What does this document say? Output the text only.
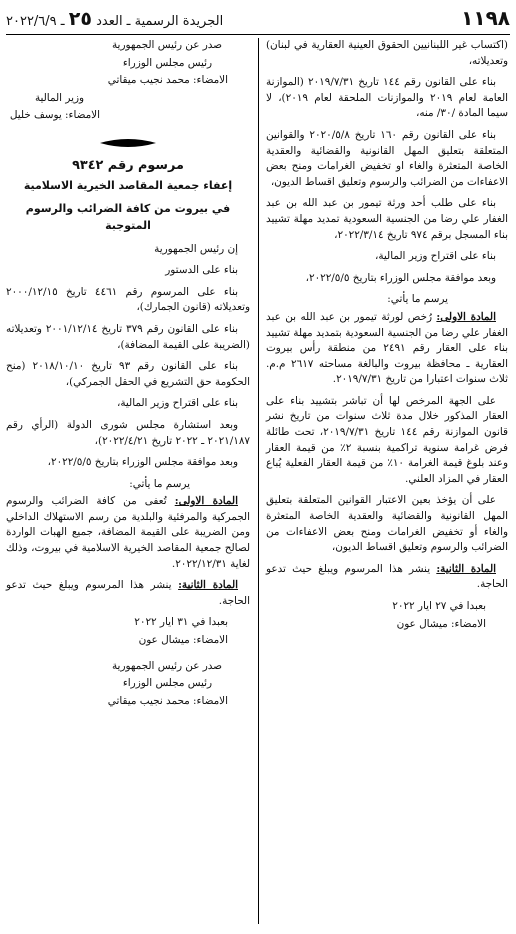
الجريدة الرسمية ـ العدد ٢٥ ـ ٢٠٢٢/٦/٩	١١٩٨

(اكتساب غير اللبنانيين الحقوق العينية العقارية في لبنان) وتعديلاته،

بناء على القانون رقم ١٤٤ تاريخ ٢٠١٩/٧/٣١ (الموازنة العامة لعام ٢٠١٩ والموازنات الملحقة لعام ٢٠١٩)، لا سيما المادة /٣٠/ منه،

بناء على القانون رقم ١٦٠ تاريخ ٢٠٢٠/٥/٨ والقوانين المتعلقة بتعليق المهل القانونية والقضائية والعقدية الخاصة المتعثرة والغاء او تخفيض الغرامات ومنح بعض الاعفاءات من الضرائب والرسوم وتعليق اقساط الديون،

بناء على طلب أحد ورثة تيمور بن عبد الله بن عبد الغفار علي رضا من الجنسية السعودية تمديد مهلة تشييد بناء المسجل برقم ٩٧٤ تاريخ ٢٠٢٢/٣/١٤،

بناء على اقتراح وزير المالية،

وبعد موافقة مجلس الوزراء بتاريخ ٢٠٢٢/٥/٥،

يرسم ما يأتي:

المادة الاولى: رُخص لورثة تيمور بن عبد الله بن عبد الغفار علي رضا من الجنسية السعودية بتمديد مهلة تشييد بناء على العقار رقم ٢٤٩١ من منطقة رأس بيروت العقارية ـ محافظة بيروت والبالغة مساحته ٢٦١٧ م.م. ثلاث سنوات اعتبارا من تاريخ ٢٠١٩/٧/٣١.

على الجهة المرخص لها أن تباشر بتشييد بناء على العقار المذكور خلال مدة ثلاث سنوات من تاريخ نشر قانون الموازنة رقم ١٤٤ تاريخ ٢٠١٩/٧/٣١، تحت طائلة فرض غرامة سنوية تراكمية بنسبة ٢٪ من قيمة العقار وعند بلوغ قيمة الغرامة ١٠٪ من قيمة العقار الفعلية يُباع العقار في المزاد العلني.

على أن يؤخذ بعين الاعتبار القوانين المتعلقة بتعليق المهل القانونية والقضائية والعقدية الخاصة المتعثرة والغاء أو تخفيض الغرامات ومنح بعض الاعفاءات من الضرائب والرسوم وتعليق اقساط الديون،

المادة الثانية: ينشر هذا المرسوم ويبلغ حيث تدعو الحاجة.

بعبدا في ٢٧ ايار ٢٠٢٢

الامضاء: ميشال عون

صدر عن رئيس الجمهورية

رئيس مجلس الوزراء

الامضاء: محمد نجيب ميقاتي

وزير المالية

الامضاء: يوسف خليل

مرسوم رقم ٩٣٤٢

إعفاء جمعية المقاصد الخيرية الاسلامية

في بيروت من كافة الضرائب والرسوم المتوجبة

إن رئيس الجمهورية

بناء على الدستور

بناء على المرسوم رقم ٤٤٦١ تاريخ ٢٠٠٠/١٢/١٥ وتعديلاته (قانون الجمارك)،

بناء على القانون رقم ٣٧٩ تاريخ ٢٠٠١/١٢/١٤ وتعديلاته (الضريبة على القيمة المضافة)،

بناء على القانون رقم ٩٣ تاريخ ٢٠١٨/١٠/١٠ (منح الحكومة حق التشريع في الحقل الجمركي)،

بناء على اقتراح وزير المالية،

وبعد استشارة مجلس شورى الدولة (الرأي رقم ٢٠٢١/١٨٧ ـ ٢٠٢٢ تاريخ ٢٠٢٢/٤/٢١)،

وبعد موافقة مجلس الوزراء بتاريخ ٢٠٢٢/٥/٥،

يرسم ما يأتي:

المادة الاولى: تُعفى من كافة الضرائب والرسوم الجمركية والمرفئية والبلدية من رسم الاستهلاك الداخلي ومن الضريبة على القيمة المضافة، جميع الهبات الواردة لصالح جمعية المقاصد الخيرية الاسلامية في بيروت، وذلك لغاية ٢٠٢٢/١٢/٣١.

المادة الثانية: ينشر هذا المرسوم ويبلغ حيث تدعو الحاجة.

بعبدا في ٣١ ايار ٢٠٢٢

الامضاء: ميشال عون

صدر عن رئيس الجمهورية

رئيس مجلس الوزراء

الامضاء: محمد نجيب ميقاتي
